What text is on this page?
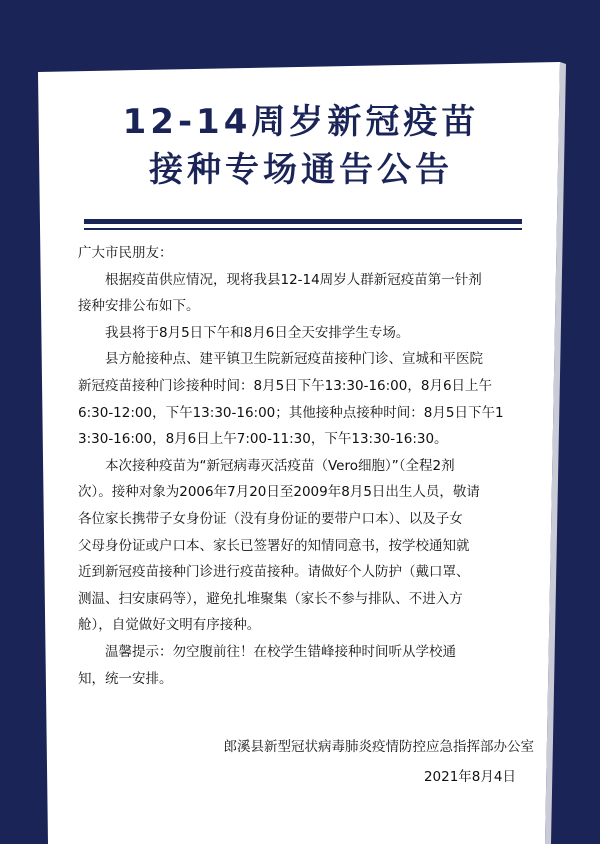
12-14周岁新冠疫苗
接种专场通告公告

广大市民朋友：

根据疫苗供应情况，现将我县12-14周岁人群新冠疫苗第一针剂
接种安排公布如下。

我县将于8月5日下午和8月6日全天安排学生专场。

县方舱接种点、建平镇卫生院新冠疫苗接种门诊、宣城和平医院
新冠疫苗接种门诊接种时间：8月5日下午13:30-16:00，8月6日上午
6:30-12:00，下午13:30-16:00；其他接种点接种时间：8月5日下午1
3:30-16:00，8月6日上午7:00-11:30，下午13:30-16:30。

本次接种疫苗为“新冠病毒灭活疫苗（Vero细胞）”（全程2剂
次）。接种对象为2006年7月20日至2009年8月5日出生人员，敬请
各位家长携带子女身份证（没有身份证的要带户口本）、以及子女
父母身份证或户口本、家长已签署好的知情同意书，按学校通知就
近到新冠疫苗接种门诊进行疫苗接种。请做好个人防护（戴口罩、
测温、扫安康码等），避免扎堆聚集（家长不参与排队、不进入方
舱），自觉做好文明有序接种。

温馨提示：勿空腹前往！在校学生错峰接种时间听从学校通
知，统一安排。

郎溪县新型冠状病毒肺炎疫情防控应急指挥部办公室
2021年8月4日
